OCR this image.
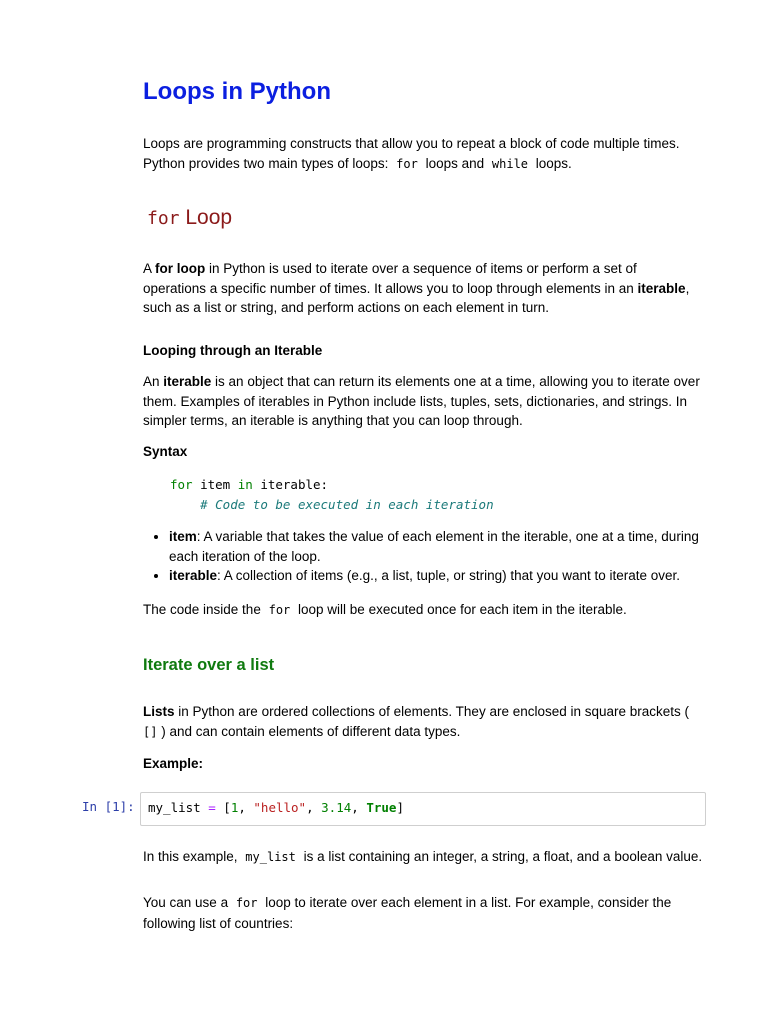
Loops in Python
Loops are programming constructs that allow you to repeat a block of code multiple times.
Python provides two main types of loops: for loops and while loops.
for Loop
A for loop in Python is used to iterate over a sequence of items or perform a set of operations a specific number of times. It allows you to loop through elements in an iterable, such as a list or string, and perform actions on each element in turn.
Looping through an Iterable
An iterable is an object that can return its elements one at a time, allowing you to iterate over them. Examples of iterables in Python include lists, tuples, sets, dictionaries, and strings. In simpler terms, an iterable is anything that you can loop through.
Syntax
for item in iterable:
# Code to be executed in each iteration
• item: A variable that takes the value of each element in the iterable, one at a time, during each iteration of the loop.
• iterable: A collection of items (e.g., a list, tuple, or string) that you want to iterate over.
The code inside the for loop will be executed once for each item in the iterable.
Iterate over a list
Lists in Python are ordered collections of elements. They are enclosed in square brackets ( [] ) and can contain elements of different data types.
Example:
In [1]: my_list = [1, "hello", 3.14, True]
In this example, my_list is a list containing an integer, a string, a float, and a boolean value.
You can use a for loop to iterate over each element in a list. For example, consider the following list of countries:
